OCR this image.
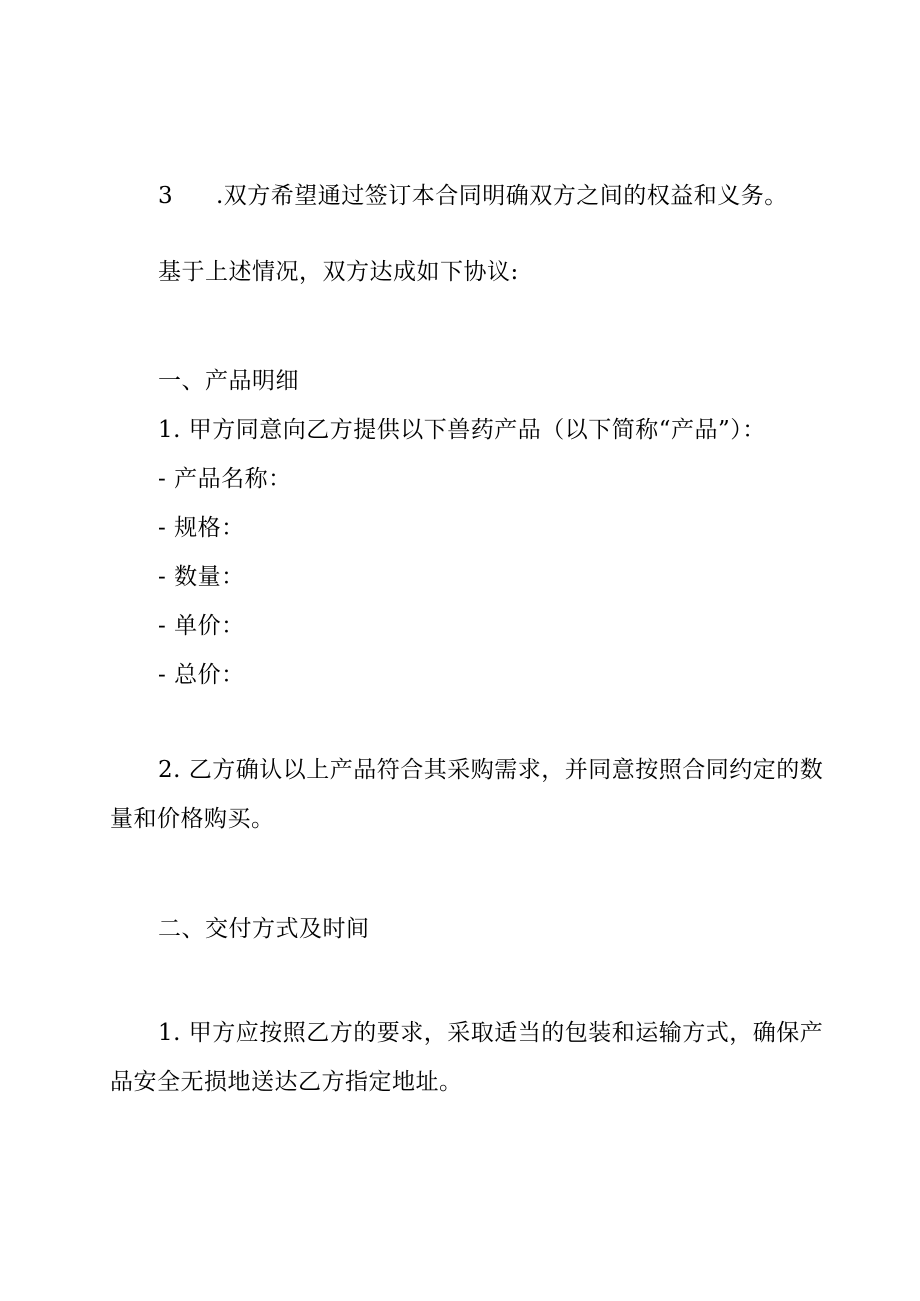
3 .双方希望通过签订本合同明确双方之间的权益和义务。
基于上述情况，双方达成如下协议:
一、产品明细
1. 甲方同意向乙方提供以下兽药产品（以下简称“产品”）：
- 产品名称：
- 规格：
- 数量：
- 单价：
- 总价：
2. 乙方确认以上产品符合其采购需求，并同意按照合同约定的数
量和价格购买。
二、交付方式及时间
1. 甲方应按照乙方的要求，采取适当的包装和运输方式，确保产
品安全无损地送达乙方指定地址。
